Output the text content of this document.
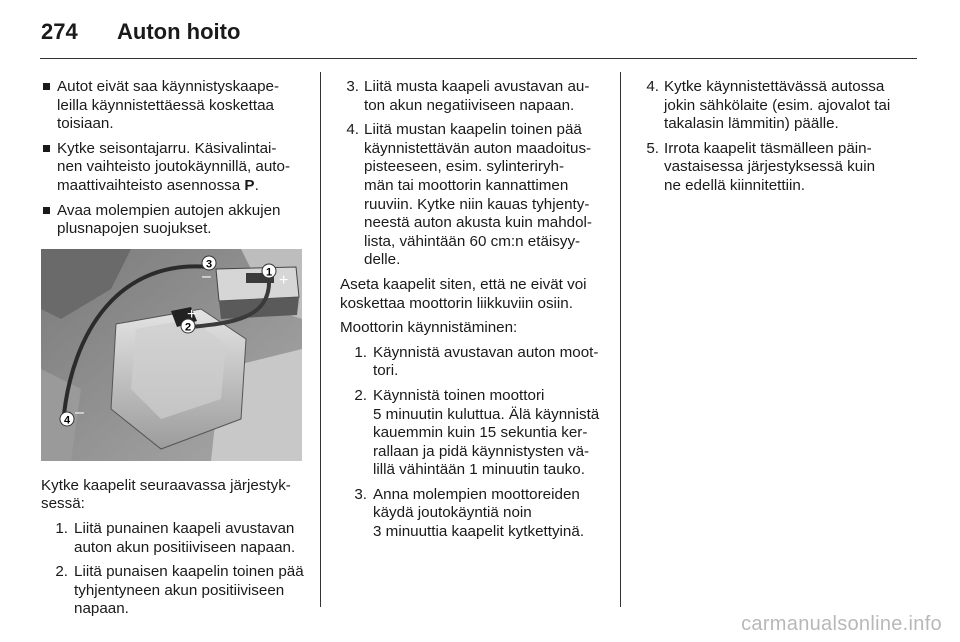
274	Auton hoito

Autot eivät saa käynnistyskaape-
leilla käynnistettäessä koskettaa
toisiaan.

Kytke seisontajarru. Käsivalintai-
nen vaihteisto joutokäynnillä, auto-
maattivaihteisto asennossa P.

Avaa molempien autojen akkujen
plusnapojen suojukset.

1 +
2
+
3
–
4 –

Kytke kaapelit seuraavassa järjestyk-
sessä:

1. Liitä punainen kaapeli avustavan
auton akun positiiviseen napaan.

2. Liitä punaisen kaapelin toinen pää
tyhjentyneen akun positiiviseen
napaan.

3. Liitä musta kaapeli avustavan au-
ton akun negatiiviseen napaan.

4. Liitä mustan kaapelin toinen pää
käynnistettävän auton maadoitus-
pisteeseen, esim. sylinteriryh-
män tai moottorin kannattimen
ruuviin. Kytke niin kauas tyhjenty-
neestä auton akusta kuin mahdol-
lista, vähintään 60 cm:n etäisyy-
delle.

Aseta kaapelit siten, että ne eivät voi
koskettaa moottorin liikkuviin osiin.

Moottorin käynnistäminen:

1. Käynnistä avustavan auton moot-
tori.

2. Käynnistä toinen moottori
5 minuutin kuluttua. Älä käynnistä
kauemmin kuin 15 sekuntia ker-
rallaan ja pidä käynnistysten vä-
lillä vähintään 1 minuutin tauko.

3. Anna molempien moottoreiden
käydä joutokäyntiä noin
3 minuuttia kaapelit kytkettyinä.

4. Kytke käynnistettävässä autossa
jokin sähkölaite (esim. ajovalot tai
takalasin lämmitin) päälle.

5. Irrota kaapelit täsmälleen päin-
vastaisessa järjestyksessä kuin
ne edellä kiinnitettiin.

carmanualsonline.info
